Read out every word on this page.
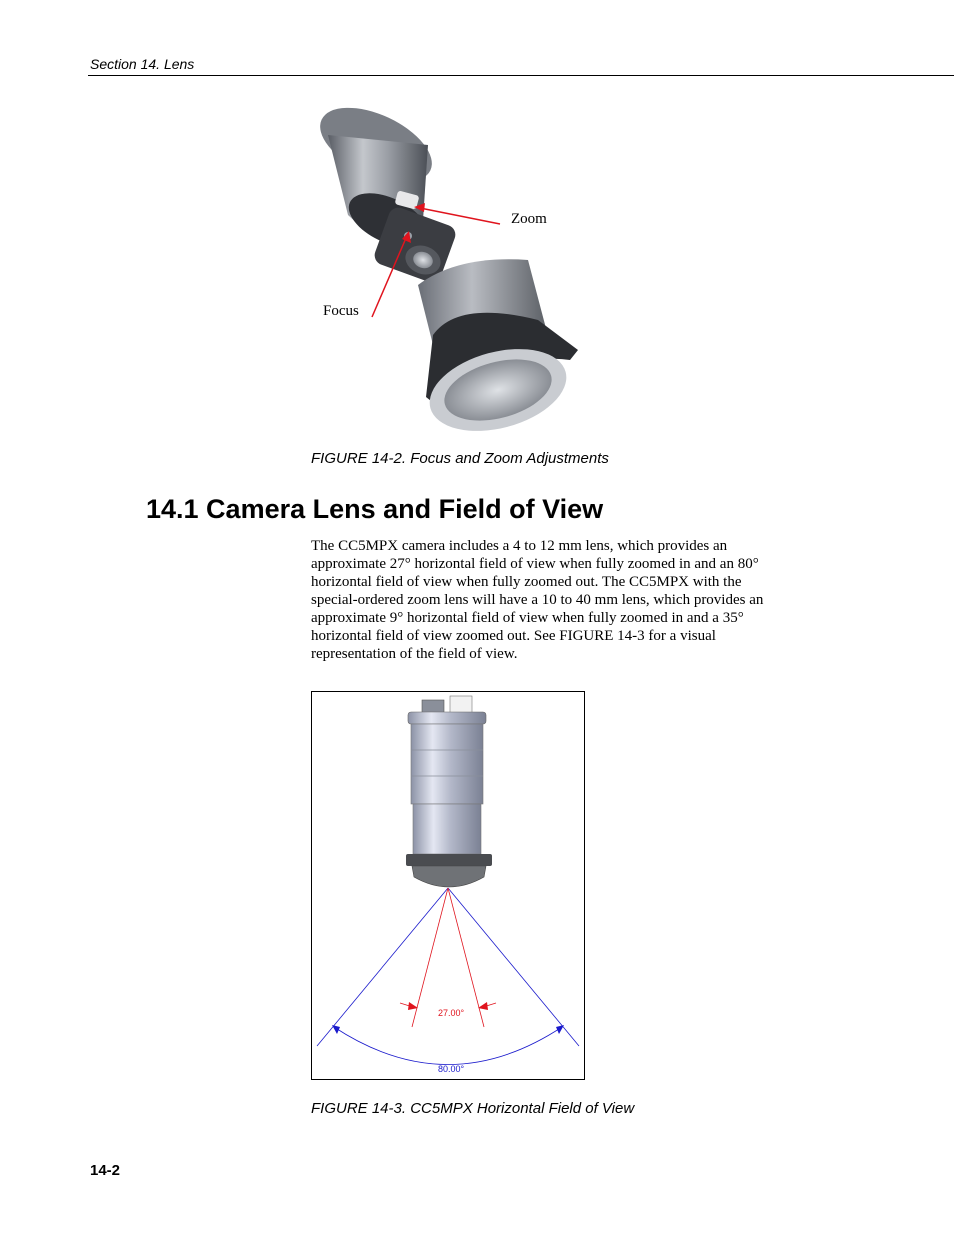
Section 14. Lens
Zoom
Focus
FIGURE 14-2. Focus and Zoom Adjustments
14.1 Camera Lens and Field of View

The CC5MPX camera includes a 4 to 12 mm lens, which provides an
approximate 27° horizontal field of view when fully zoomed in and an 80°
horizontal field of view when fully zoomed out. The CC5MPX with the
special-ordered zoom lens will have a 10 to 40 mm lens, which provides an
approximate 9° horizontal field of view when fully zoomed in and a 35°
horizontal field of view zoomed out. See FIGURE 14-3 for a visual
representation of the field of view.

27.00°
80.00°
FIGURE 14-3. CC5MPX Horizontal Field of View
14-2
